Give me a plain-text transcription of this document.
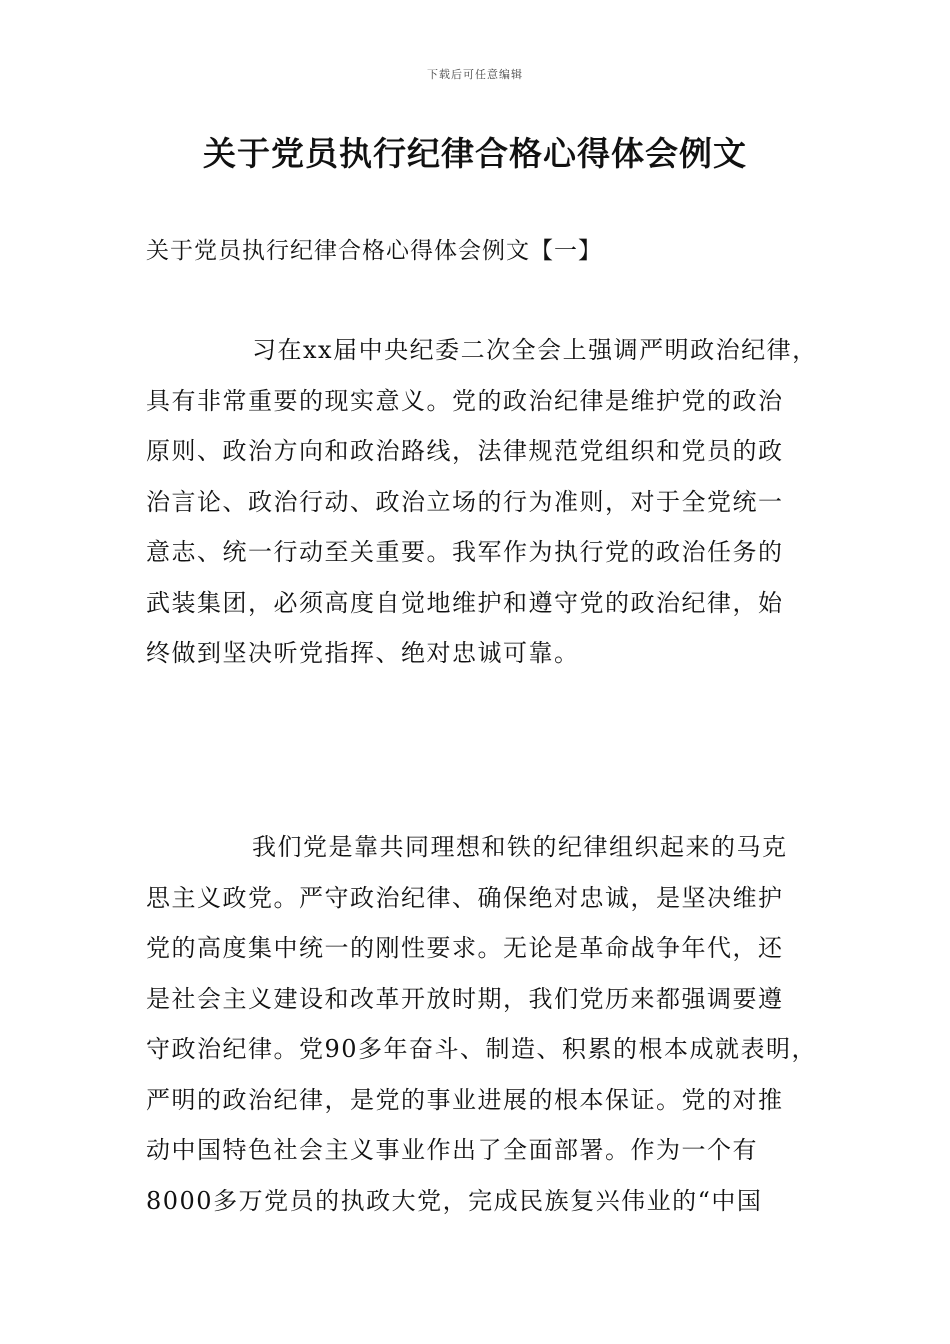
下载后可任意编辑
关于党员执行纪律合格心得体会例文
关于党员执行纪律合格心得体会例文【一】
习在xx届中央纪委二次全会上强调严明政治纪律，
具有非常重要的现实意义。党的政治纪律是维护党的政治
原则、政治方向和政治路线，法律规范党组织和党员的政
治言论、政治行动、政治立场的行为准则，对于全党统一
意志、统一行动至关重要。我军作为执行党的政治任务的
武装集团，必须高度自觉地维护和遵守党的政治纪律，始
终做到坚决听党指挥、绝对忠诚可靠。
我们党是靠共同理想和铁的纪律组织起来的马克
思主义政党。严守政治纪律、确保绝对忠诚，是坚决维护
党的高度集中统一的刚性要求。无论是革命战争年代，还
是社会主义建设和改革开放时期，我们党历来都强调要遵
守政治纪律。党90多年奋斗、制造、积累的根本成就表明，
严明的政治纪律，是党的事业进展的根本保证。党的对推
动中国特色社会主义事业作出了全面部署。作为一个有
8000多万党员的执政大党，完成民族复兴伟业的“中国
